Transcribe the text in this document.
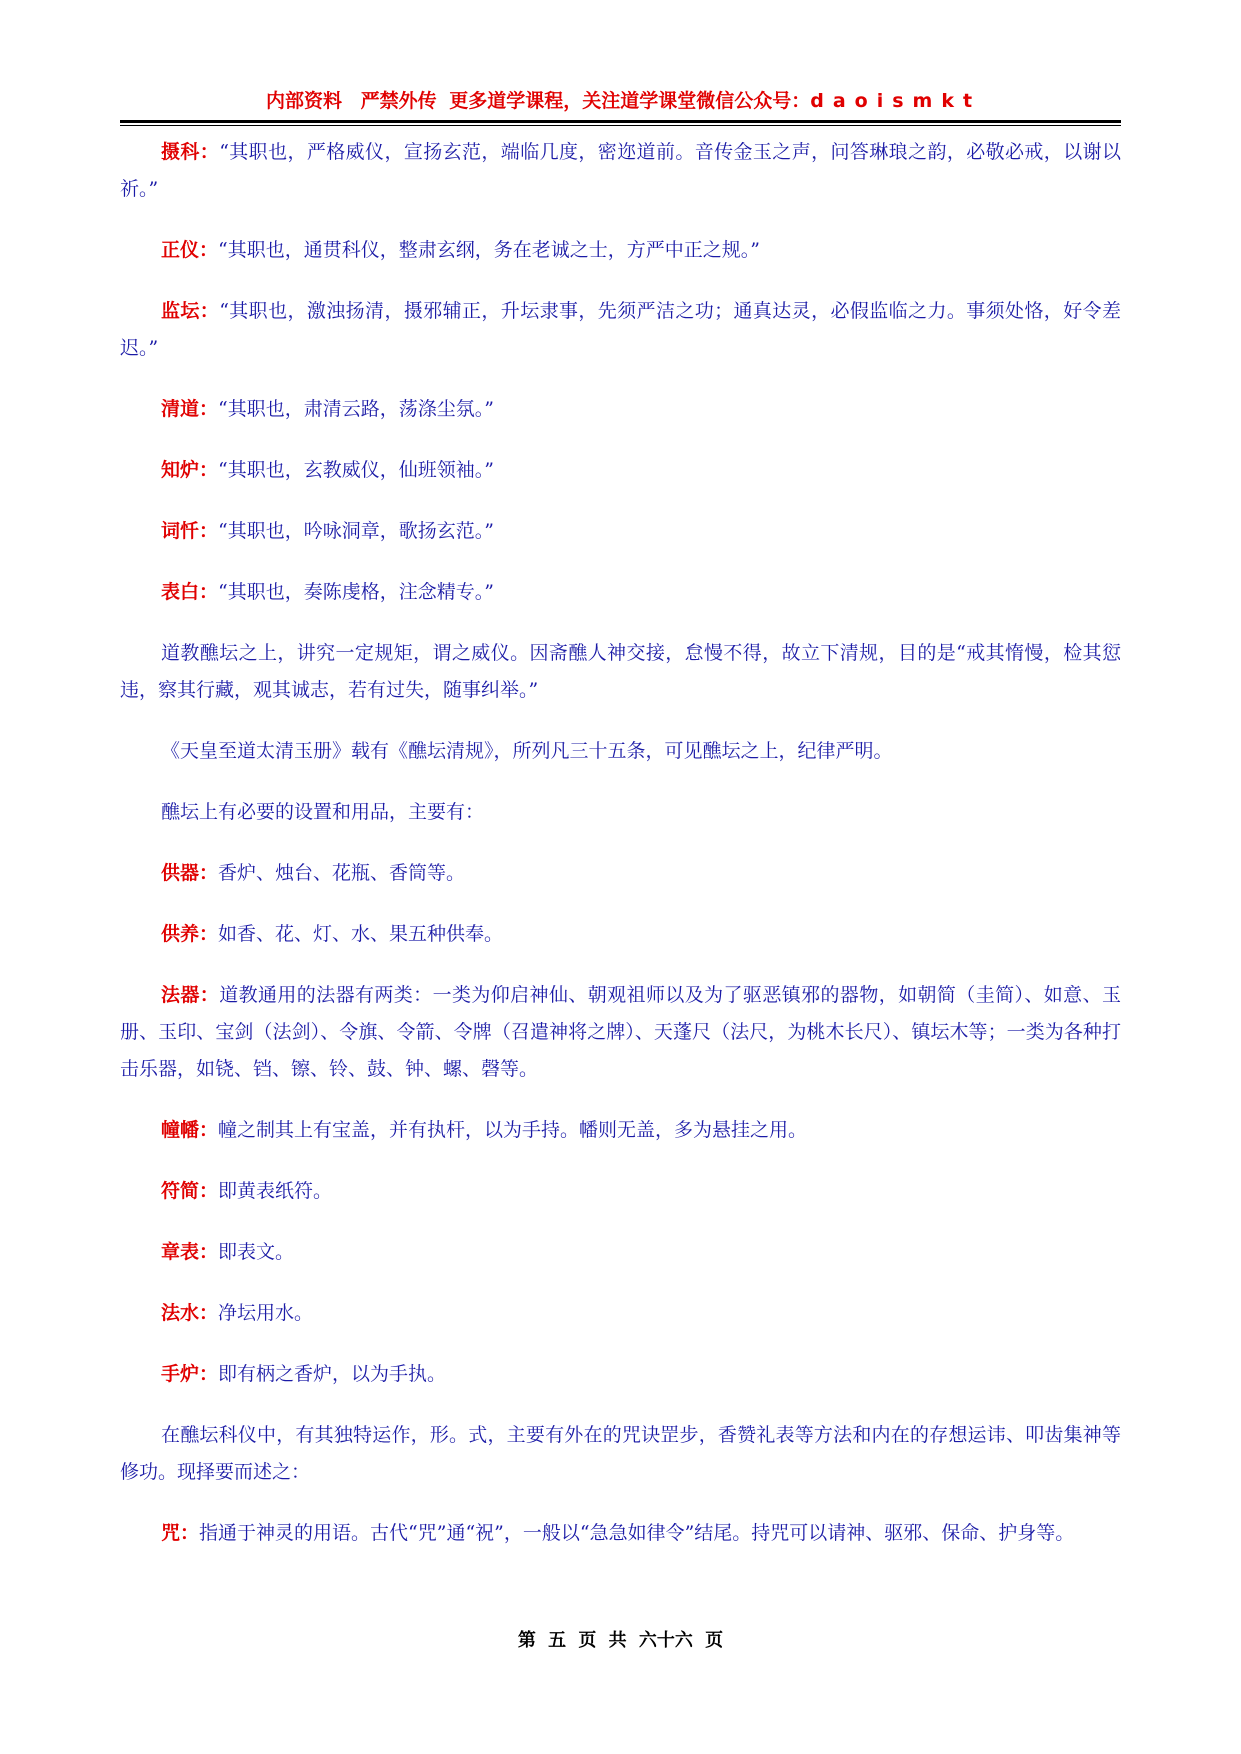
内部资料 严禁外传 更多道学课程，关注道学课堂微信公众号：daoismkt

摄科：“其职也，严格威仪，宣扬玄范，端临几度，密迩道前。音传金玉之声，问答琳琅之韵，必敬必戒，以谢以祈。”

正仪：“其职也，通贯科仪，整肃玄纲，务在老诚之士，方严中正之规。”

监坛：“其职也，激浊扬清，摄邪辅正，升坛隶事，先须严洁之功；通真达灵，必假监临之力。事须处恪，好令差迟。”

清道：“其职也，肃清云路，荡涤尘氛。”

知炉：“其职也，玄教威仪，仙班领袖。”

词忏：“其职也，吟咏洞章，歌扬玄范。”

表白：“其职也，奏陈虔格，注念精专。”

道教醮坛之上，讲究一定规矩，谓之威仪。因斋醮人神交接，怠慢不得，故立下清规，目的是“戒其惰慢，检其愆违，察其行藏，观其诚志，若有过失，随事纠举。”

《天皇至道太清玉册》载有《醮坛清规》，所列凡三十五条，可见醮坛之上，纪律严明。

醮坛上有必要的设置和用品，主要有：

供器：香炉、烛台、花瓶、香筒等。

供养：如香、花、灯、水、果五种供奉。

法器：道教通用的法器有两类：一类为仰启神仙、朝观祖师以及为了驱恶镇邪的器物，如朝简（圭简）、如意、玉册、玉印、宝剑（法剑）、令旗、令箭、令牌（召遣神将之牌）、天蓬尺（法尺，为桃木长尺）、镇坛木等；一类为各种打击乐器，如铙、铛、镲、铃、鼓、钟、螺、磬等。

幢幡：幢之制其上有宝盖，并有执杆，以为手持。幡则无盖，多为悬挂之用。

符简：即黄表纸符。

章表：即表文。

法水：净坛用水。

手炉：即有柄之香炉，以为手执。

在醮坛科仪中，有其独特运作，形。式，主要有外在的咒诀罡步，香赞礼表等方法和内在的存想运讳、叩齿集神等修功。现择要而述之：

咒：指通于神灵的用语。古代“咒”通“祝”，一般以“急急如律令”结尾。持咒可以请神、驱邪、保命、护身等。

第 五 页 共 六十六 页
